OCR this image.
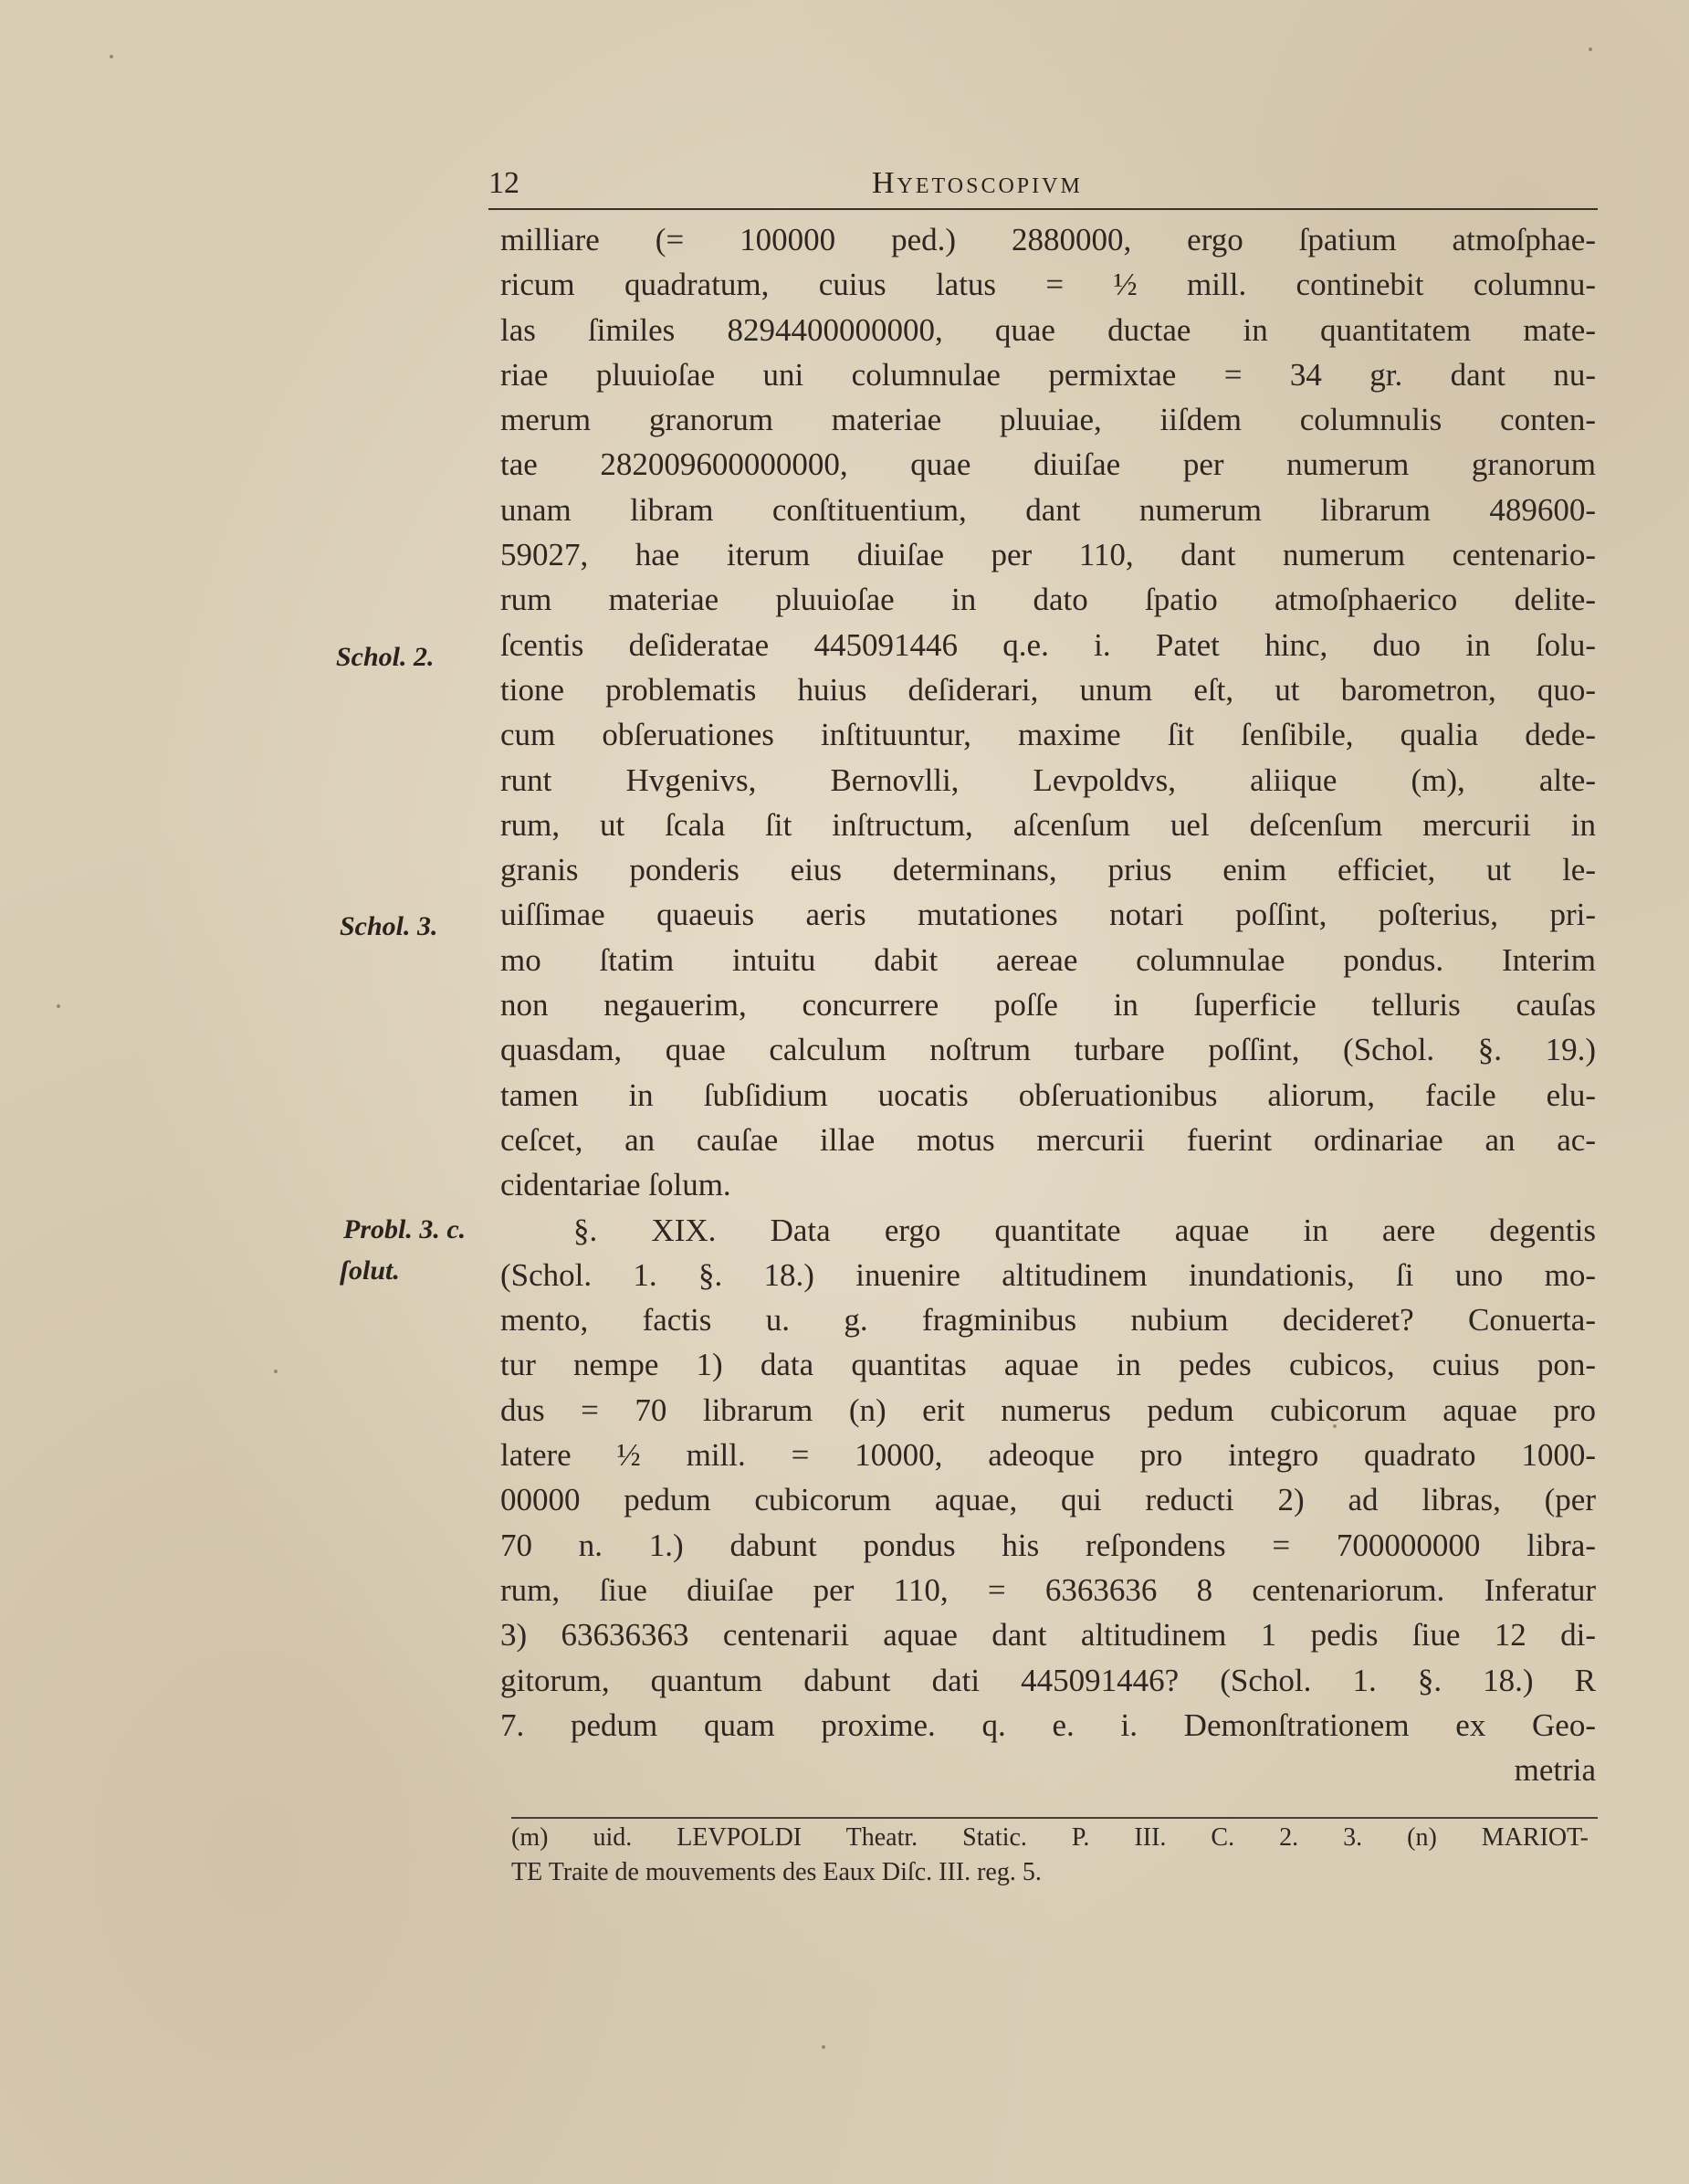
12	Hyetoscopivm
Schol. 2.
Schol. 3.
Probl. 3. c.
ſolut.
milliare (= 100000 ped.) 2880000, ergo ſpatium atmoſphae-
ricum quadratum, cuius latus = ½ mill. continebit columnu-
las ſimiles 8294400000000, quae ductae in quantitatem mate-
riae pluuioſae uni columnulae permixtae = 34 gr. dant nu-
merum granorum materiae pluuiae, iiſdem columnulis conten-
tae 282009600000000, quae diuiſae per numerum granorum
unam libram conſtituentium, dant numerum librarum 489600-
59027, hae iterum diuiſae per 110, dant numerum centenario-
rum materiae pluuioſae in dato ſpatio atmoſphaerico delite-
ſcentis deſideratae 445091446 q.e. i. Patet hinc, duo in ſolu-
tione problematis huius deſiderari, unum eſt, ut barometron, quo-
cum obſeruationes inſtituuntur, maxime ſit ſenſibile, qualia dede-
runt Hvgenivs, Bernovlli, Levpoldvs, aliique (m), alte-
rum, ut ſcala ſit inſtructum, aſcenſum uel deſcenſum mercurii in
granis ponderis eius determinans, prius enim efficiet, ut le-
uiſſimae quaeuis aeris mutationes notari poſſint, poſterius, pri-
mo ſtatim intuitu dabit aereae columnulae pondus. Interim
non negauerim, concurrere poſſe in ſuperficie telluris cauſas
quasdam, quae calculum noſtrum turbare poſſint, (Schol. §. 19.)
tamen in ſubſidium uocatis obſeruationibus aliorum, facile elu-
ceſcet, an cauſae illae motus mercurii fuerint ordinariae an ac-
cidentariae ſolum.
§. XIX. Data ergo quantitate aquae in aere degentis
(Schol. 1. §. 18.) inuenire altitudinem inundationis, ſi uno mo-
mento, factis u. g. fragminibus nubium decideret? Conuerta-
tur nempe 1) data quantitas aquae in pedes cubicos, cuius pon-
dus = 70 librarum (n) erit numerus pedum cubicorum aquae pro
latere ½ mill. = 10000, adeoque pro integro quadrato 1000-
00000 pedum cubicorum aquae, qui reducti 2) ad libras, (per
70 n. 1.) dabunt pondus his reſpondens = 700000000 libra-
rum, ſiue diuiſae per 110, = 6363636 8 centenariorum. Inferatur
3) 63636363 centenarii aquae dant altitudinem 1 pedis ſiue 12 di-
gitorum, quantum dabunt dati 445091446? (Schol. 1. §. 18.) R
7. pedum quam proxime. q. e. i. Demonſtrationem ex Geo-
metria
(m) uid. LEVPOLDI Theatr. Static. P. III. C. 2. 3. (n) MARIOT-
TE Traite de mouvements des Eaux Diſc. III. reg. 5.
